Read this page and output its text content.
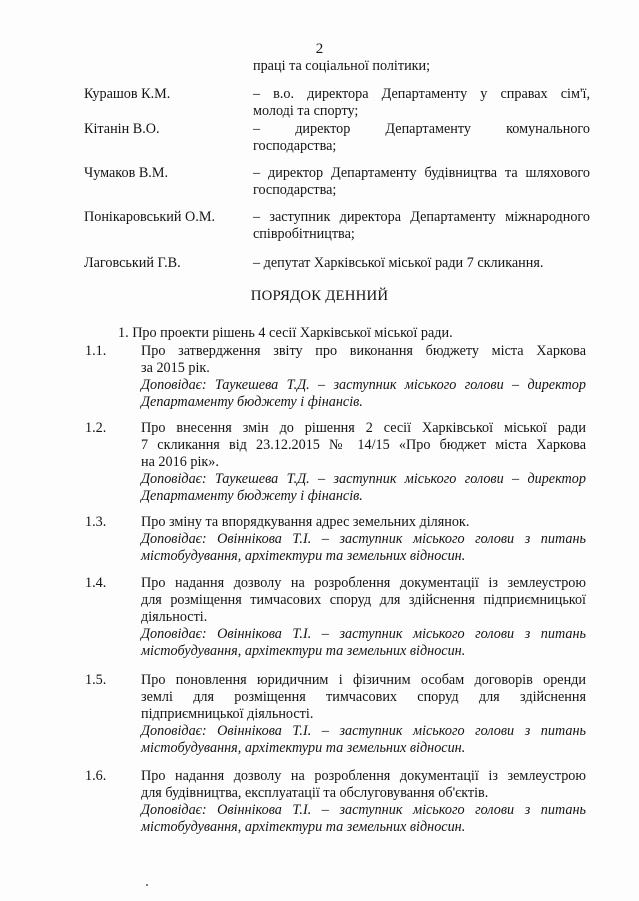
2
праці та соціальної політики;
Курашов К.М.	– в.о. директора Департаменту у справах сім'ї,
молоді та спорту;
Кітанін В.О.	– директор Департаменту комунального
господарства;
Чумаков В.М.	– директор Департаменту будівництва та шляхового
господарства;
Понікаровський О.М.	– заступник директора Департаменту міжнародного
співробітництва;
Лаговський Г.В.	– депутат Харківської міської ради 7 скликання.
ПОРЯДОК ДЕННИЙ
1. Про проекти рішень 4 сесії Харківської міської ради.
1.1. Про затвердження звіту про виконання бюджету міста Харкова
за 2015 рік.
Доповідає: Таукешева Т.Д. – заступник міського голови – директор
Департаменту бюджету і фінансів.
1.2. Про внесення змін до рішення 2 сесії Харківської міської ради
7 скликання від 23.12.2015 № 14/15 «Про бюджет міста Харкова
на 2016 рік».
Доповідає: Таукешева Т.Д. – заступник міського голови – директор
Департаменту бюджету і фінансів.
1.3. Про зміну та впорядкування адрес земельних ділянок.
Доповідає: Овіннікова Т.І. – заступник міського голови з питань
містобудування, архітектури та земельних відносин.
1.4. Про надання дозволу на розроблення документації із землеустрою
для розміщення тимчасових споруд для здійснення підприємницької
діяльності.
Доповідає: Овіннікова Т.І. – заступник міського голови з питань
містобудування, архітектури та земельних відносин.
1.5. Про поновлення юридичним і фізичним особам договорів оренди
землі для розміщення тимчасових споруд для здійснення
підприємницької діяльності.
Доповідає: Овіннікова Т.І. – заступник міського голови з питань
містобудування, архітектури та земельних відносин.
1.6. Про надання дозволу на розроблення документації із землеустрою
для будівництва, експлуатації та обслуговування об'єктів.
Доповідає: Овіннікова Т.І. – заступник міського голови з питань
містобудування, архітектури та земельних відносин.
